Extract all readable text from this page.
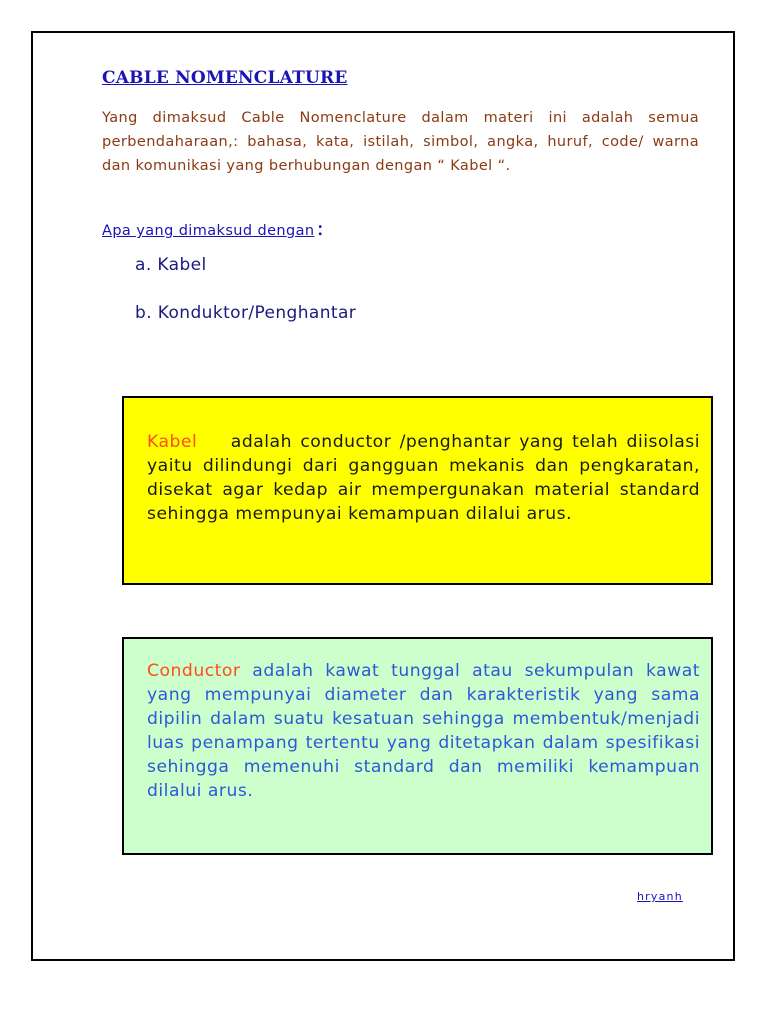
CABLE NOMENCLATURE

Yang dimaksud Cable Nomenclature dalam materi ini adalah semua perbendaharaan,: bahasa, kata, istilah, simbol, angka, huruf, code/ warna dan komunikasi yang berhubungan dengan “ Kabel “.

Apa yang dimaksud dengan:

a. Kabel

b. Konduktor/Penghantar

Kabel adalah conductor /penghantar yang telah diisolasi yaitu dilindungi dari gangguan mekanis dan pengkaratan, disekat agar kedap air mempergunakan material standard sehingga mempunyai kemampuan dilalui arus.

Conductor adalah kawat tunggal atau sekumpulan kawat yang mempunyai diameter dan karakteristik yang sama dipilin dalam suatu kesatuan sehingga membentuk/menjadi luas penampang tertentu yang ditetapkan dalam spesifikasi sehingga memenuhi standard dan memiliki kemampuan dilalui arus.

hryanh
